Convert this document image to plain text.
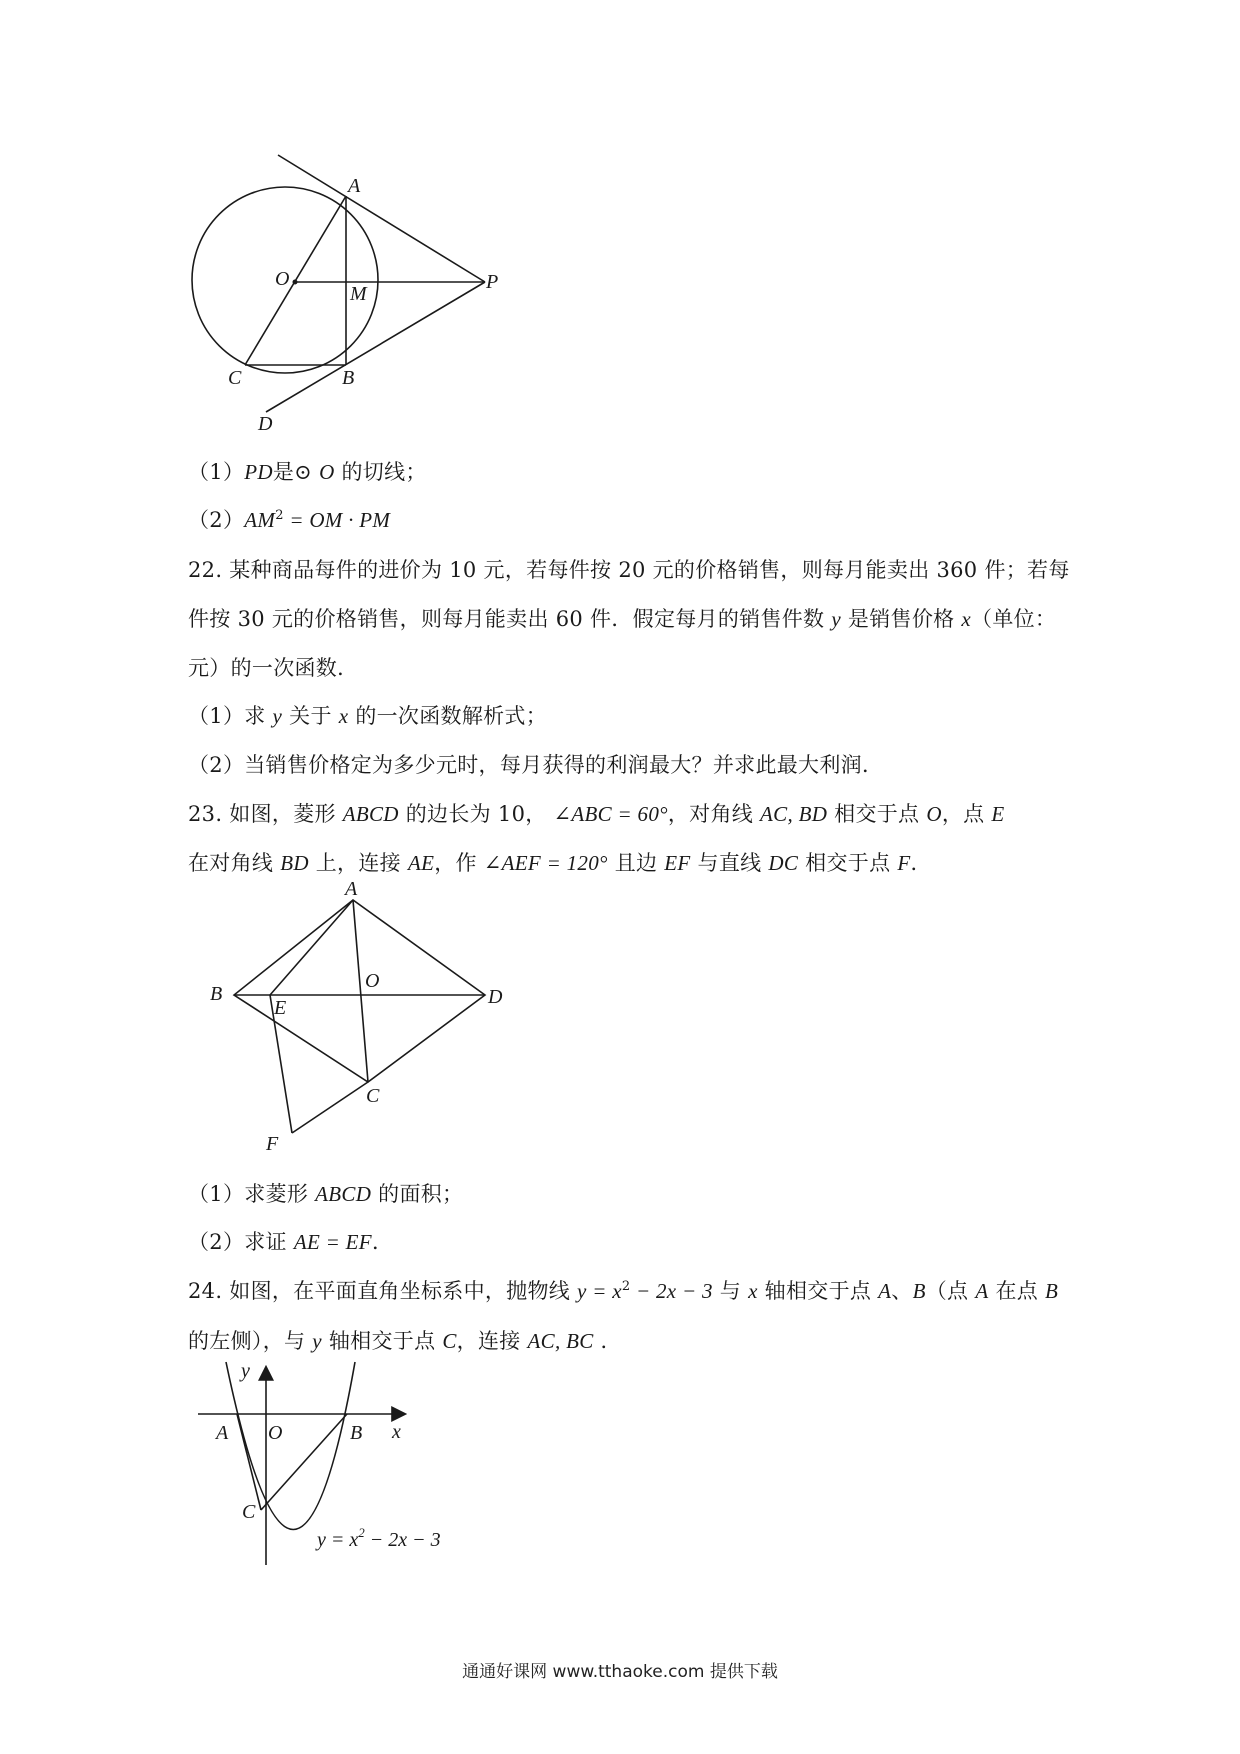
A
O
M
P
C	B
D
（1）PD是⊙ O 的切线；
$(2)AM^2$ = OM · PM
22. 某种商品每件的进价为 10 元，若每件按 20 元的价格销售，则每月能卖出 360 件；若每
件按 30 元的价格销售，则每月能卖出 60 件．假定每月的销售件数 y 是销售价格 x（单位：
元）的一次函数．
（1）求 y 关于 x 的一次函数解析式；
（2）当销售价格定为多少元时，每月获得的利润最大？并求此最大利润．
23. 如图，菱形 ABCD 的边长为 10， ∠ABC = 60°，对角线 AC, BD 相交于点 O，点 E
在对角线 BD 上，连接 AE，作 ∠AEF = 120° 且边 EF 与直线 DC 相交于点 F．
A
B
O
D
E
C
F
（1）求菱形 ABCD 的面积；
（2）求证 AE = EF．
24. 如图，在平面直角坐标系中，抛物线 $y = x^2 - 2x - 3$ 与 x 轴相交于点 A、B（点 A 在点 B
的左侧），与 y 轴相交于点 C，连接 AC, BC ．
y
x
A O	B
C
$y = x^2 - 2x - 3$
通通好课网 www.tthaoke.com 提供下载
